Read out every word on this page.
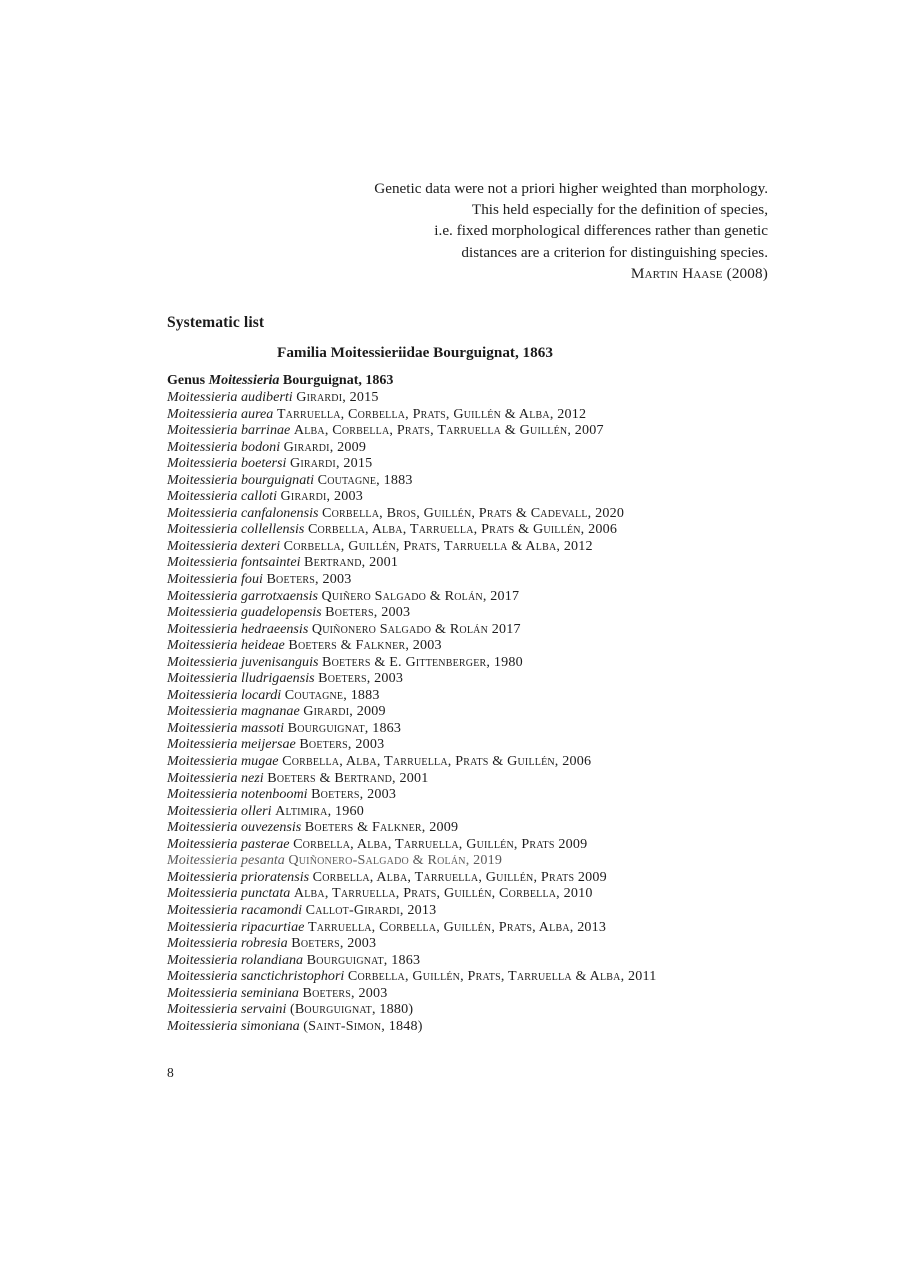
Genetic data were not a priori higher weighted than morphology.
This held especially for the definition of species,
i.e. fixed morphological differences rather than genetic
distances are a criterion for distinguishing species.
Martin Haase (2008)
Systematic list
Familia Moitessieriidae Bourguignat, 1863
Genus Moitessieria Bourguignat, 1863
Moitessieria audiberti Girardi, 2015
Moitessieria aurea Tarruella, Corbella, Prats, Guillén & Alba, 2012
Moitessieria barrinae Alba, Corbella, Prats, Tarruella & Guillén, 2007
Moitessieria bodoni Girardi, 2009
Moitessieria boetersi Girardi, 2015
Moitessieria bourguignati Coutagne, 1883
Moitessieria calloti Girardi, 2003
Moitessieria canfalonensis Corbella, Bros, Guillén, Prats & Cadevall, 2020
Moitessieria collellensis Corbella, Alba, Tarruella, Prats & Guillén, 2006
Moitessieria dexteri Corbella, Guillén, Prats, Tarruella & Alba, 2012
Moitessieria fontsaintei Bertrand, 2001
Moitessieria foui Boeters, 2003
Moitessieria garrotxaensis Quiñero Salgado & Rolán, 2017
Moitessieria guadelopensis Boeters, 2003
Moitessieria hedraeensis Quiñonero Salgado & Rolán 2017
Moitessieria heideae Boeters & Falkner, 2003
Moitessieria juvenisanguis Boeters & E. Gittenberger, 1980
Moitessieria lludrigaensis Boeters, 2003
Moitessieria locardi Coutagne, 1883
Moitessieria magnanae Girardi, 2009
Moitessieria massoti Bourguignat, 1863
Moitessieria meijersae Boeters, 2003
Moitessieria mugae Corbella, Alba, Tarruella, Prats & Guillén, 2006
Moitessieria nezi Boeters & Bertrand, 2001
Moitessieria notenboomi Boeters, 2003
Moitessieria olleri Altimira, 1960
Moitessieria ouvezensis Boeters & Falkner, 2009
Moitessieria pasterae Corbella, Alba, Tarruella, Guillén, Prats 2009
Moitessieria pesanta Quiñonero-Salgado & Rolán, 2019
Moitessieria prioratensis Corbella, Alba, Tarruella, Guillén, Prats 2009
Moitessieria punctata Alba, Tarruella, Prats, Guillén, Corbella, 2010
Moitessieria racamondi Callot-Girardi, 2013
Moitessieria ripacurtiae Tarruella, Corbella, Guillén, Prats, Alba, 2013
Moitessieria robresia Boeters, 2003
Moitessieria rolandiana Bourguignat, 1863
Moitessieria sanctichristophori Corbella, Guillén, Prats, Tarruella & Alba, 2011
Moitessieria seminiana Boeters, 2003
Moitessieria servaini (Bourguignat, 1880)
Moitessieria simoniana (Saint-Simon, 1848)
8
